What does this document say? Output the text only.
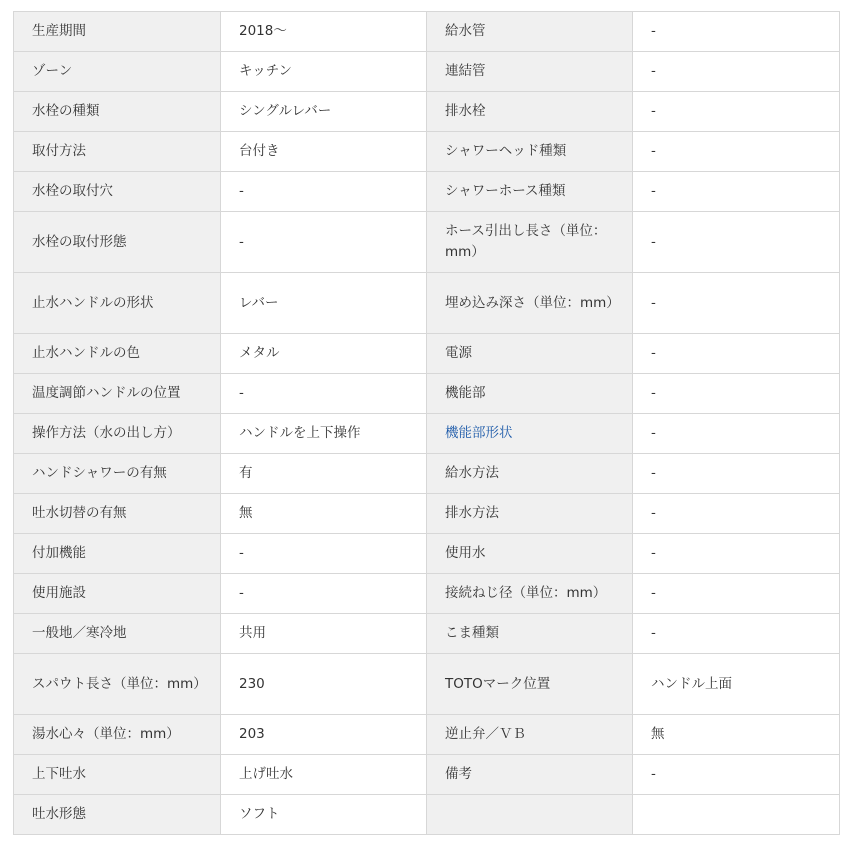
生産期間	2018～	給水管	-
ゾーン	キッチン	連結管	-
水栓の種類	シングルレバー	排水栓	-
取付方法	台付き	シャワーヘッド種類	-
水栓の取付穴	-	シャワーホース種類	-
水栓の取付形態	-	ホース引出し長さ（単位：mm）	-
止水ハンドルの形状	レバー	埋め込み深さ（単位：mm）	-
止水ハンドルの色	メタル	電源	-
温度調節ハンドルの位置	-	機能部	-
操作方法（水の出し方）	ハンドルを上下操作	機能部形状	-
ハンドシャワーの有無	有	給水方法	-
吐水切替の有無	無	排水方法	-
付加機能	-	使用水	-
使用施設	-	接続ねじ径（単位：mm）	-
一般地／寒冷地	共用	こま種類	-
スパウト長さ（単位：mm）	230	TOTOマーク位置	ハンドル上面
湯水心々（単位：mm）	203	逆止弁／ＶＢ	無
上下吐水	上げ吐水	備考	-
吐水形態	ソフト		
